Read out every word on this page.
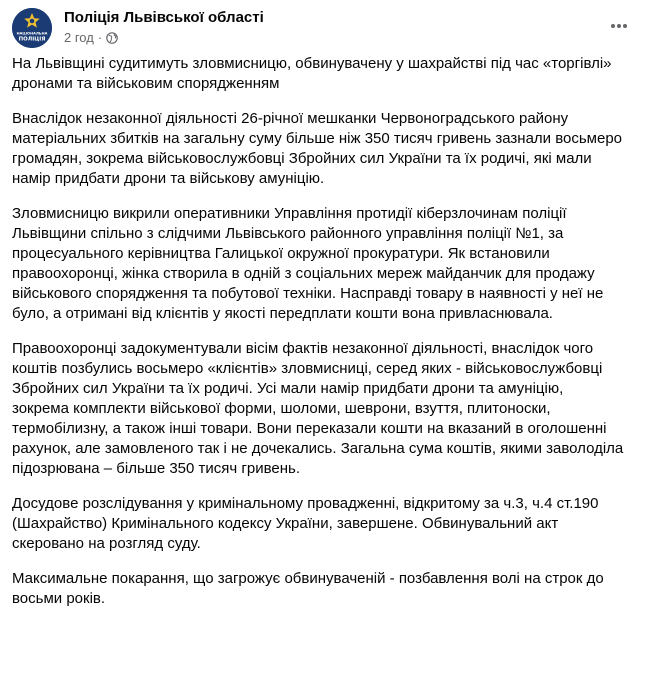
НАЦІОНАЛЬНА
ПОЛІЦІЯ
Поліція Львівської області
2 год ·

На Львівщині судитимуть зловмисницю, обвинувачену у шахрайстві під час «торгівлі» дронами та військовим спорядженням

Внаслідок незаконної діяльності 26-річної мешканки Червоноградського району матеріальних збитків на загальну суму більше ніж 350 тисяч гривень зазнали восьмеро громадян, зокрема військовослужбовці Збройних сил України та їх родичі, які мали намір придбати дрони та військову амуніцію.

Зловмисницю викрили оперативники Управління протидії кіберзлочинам поліції Львівщини спільно з слідчими Львівського районного управління поліції №1, за процесуального керівництва Галицької окружної прокуратури. Як встановили правоохоронці, жінка створила в одній з соціальних мереж майданчик для продажу військового спорядження та побутової техніки. Насправді товару в наявності у неї не було, а отримані від клієнтів у якості передплати кошти вона привласнювала.

Правоохоронці задокументували вісім фактів незаконної діяльності, внаслідок чого коштів позбулись восьмеро «клієнтів» зловмисниці, серед яких - військовослужбовці Збройних сил України та їх родичі. Усі мали намір придбати дрони та амуніцію, зокрема комплекти військової форми, шоломи, шеврони, взуття, плитоноски, термобілизну, а також інші товари. Вони переказали кошти на вказаний в оголошенні рахунок, але замовленого так і не дочекались. Загальна сума коштів, якими заволоділа підозрювана – більше 350 тисяч гривень.

Досудове розслідування у кримінальному провадженні, відкритому за ч.3, ч.4 ст.190 (Шахрайство) Кримінального кодексу України, завершене. Обвинувальний акт скеровано на розгляд суду.

Максимальне покарання, що загрожує обвинуваченій - позбавлення волі на строк до восьми років.
